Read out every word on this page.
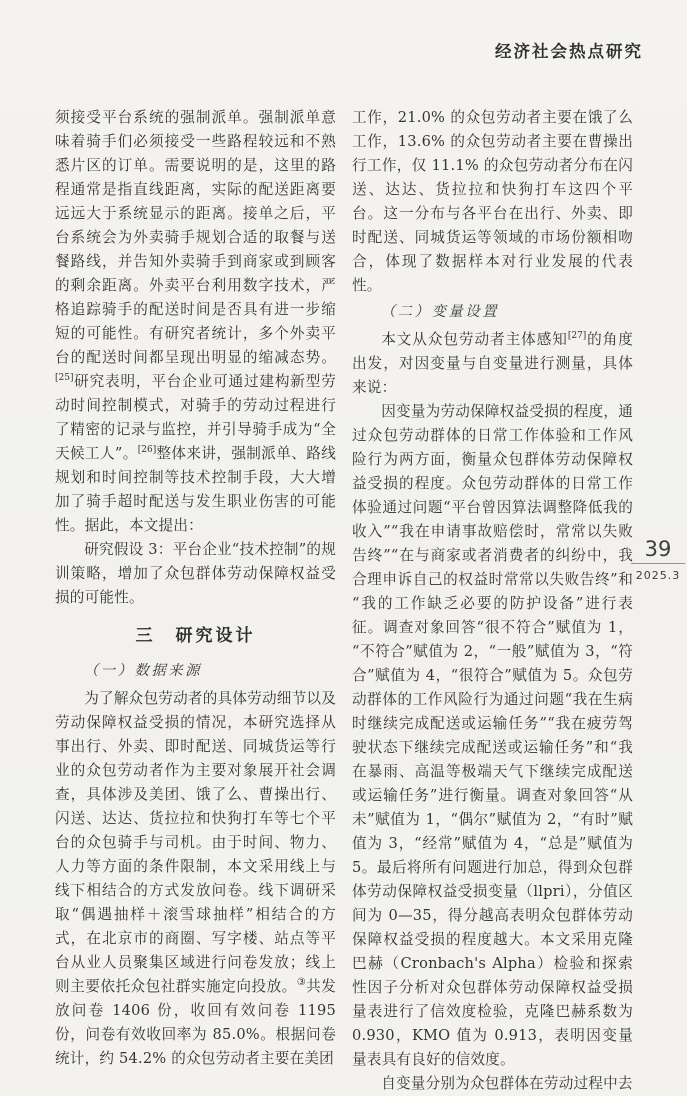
经济社会热点研究

须接受平台系统的强制派单。强制派单意味着骑手们必须接受一些路程较远和不熟悉片区的订单。需要说明的是，这里的路程通常是指直线距离，实际的配送距离要远远大于系统显示的距离。接单之后，平台系统会为外卖骑手规划合适的取餐与送餐路线，并告知外卖骑手到商家或到顾客的剩余距离。外卖平台利用数字技术，严格追踪骑手的配送时间是否具有进一步缩短的可能性。有研究者统计，多个外卖平台的配送时间都呈现出明显的缩减态势。[25]研究表明，平台企业可通过建构新型劳动时间控制模式，对骑手的劳动过程进行了精密的记录与监控，并引导骑手成为“全天候工人”。[26]整体来讲，强制派单、路线规划和时间控制等技术控制手段，大大增加了骑手超时配送与发生职业伤害的可能性。据此，本文提出：

研究假设 3：平台企业“技术控制”的规训策略，增加了众包群体劳动保障权益受损的可能性。

三　研究设计
（一）数据来源

为了解众包劳动者的具体劳动细节以及劳动保障权益受损的情况，本研究选择从事出行、外卖、即时配送、同城货运等行业的众包劳动者作为主要对象展开社会调查，具体涉及美团、饿了么、曹操出行、闪送、达达、货拉拉和快狗打车等七个平台的众包骑手与司机。由于时间、物力、人力等方面的条件限制，本文采用线上与线下相结合的方式发放问卷。线下调研采取“偶遇抽样＋滚雪球抽样”相结合的方式，在北京市的商圈、写字楼、站点等平台从业人员聚集区域进行问卷发放；线上则主要依托众包社群实施定向投放。③共发放问卷 1406 份，收回有效问卷 1195 份，问卷有效收回率为 85.0%。根据问卷统计，约 54.2% 的众包劳动者主要在美团

工作，21.0% 的众包劳动者主要在饿了么工作，13.6% 的众包劳动者主要在曹操出行工作，仅 11.1% 的众包劳动者分布在闪送、达达、货拉拉和快狗打车这四个平台。这一分布与各平台在出行、外卖、即时配送、同城货运等领域的市场份额相吻合，体现了数据样本对行业发展的代表性。

（二）变量设置

本文从众包劳动者主体感知[27]的角度出发，对因变量与自变量进行测量，具体来说：

因变量为劳动保障权益受损的程度，通过众包劳动群体的日常工作体验和工作风险行为两方面，衡量众包群体劳动保障权益受损的程度。众包劳动群体的日常工作体验通过问题“平台曾因算法调整降低我的收入”“我在申请事故赔偿时，常常以失败告终”“在与商家或者消费者的纠纷中，我合理申诉自己的权益时常常以失败告终”和“我的工作缺乏必要的防护设备”进行表征。调查对象回答“很不符合”赋值为 1，“不符合”赋值为 2，“一般”赋值为 3，“符合”赋值为 4，“很符合”赋值为 5。众包劳动群体的工作风险行为通过问题“我在生病时继续完成配送或运输任务”“我在疲劳驾驶状态下继续完成配送或运输任务”和“我在暴雨、高温等极端天气下继续完成配送或运输任务”进行衡量。调查对象回答“从未”赋值为 1，“偶尔”赋值为 2，“有时”赋值为 3，“经常”赋值为 4，“总是”赋值为 5。最后将所有问题进行加总，得到众包群体劳动保障权益受损变量（llpri），分值区间为 0—35，得分越高表明众包群体劳动保障权益受损的程度越大。本文采用克隆巴赫（Cronbach's Alpha）检验和探索性因子分析对众包群体劳动保障权益受损量表进行了信效度检验，克隆巴赫系数为 0.930，KMO 值为 0.913，表明因变量量表具有良好的信效度。

自变量分别为众包群体在劳动过程中去

39
2025.3
